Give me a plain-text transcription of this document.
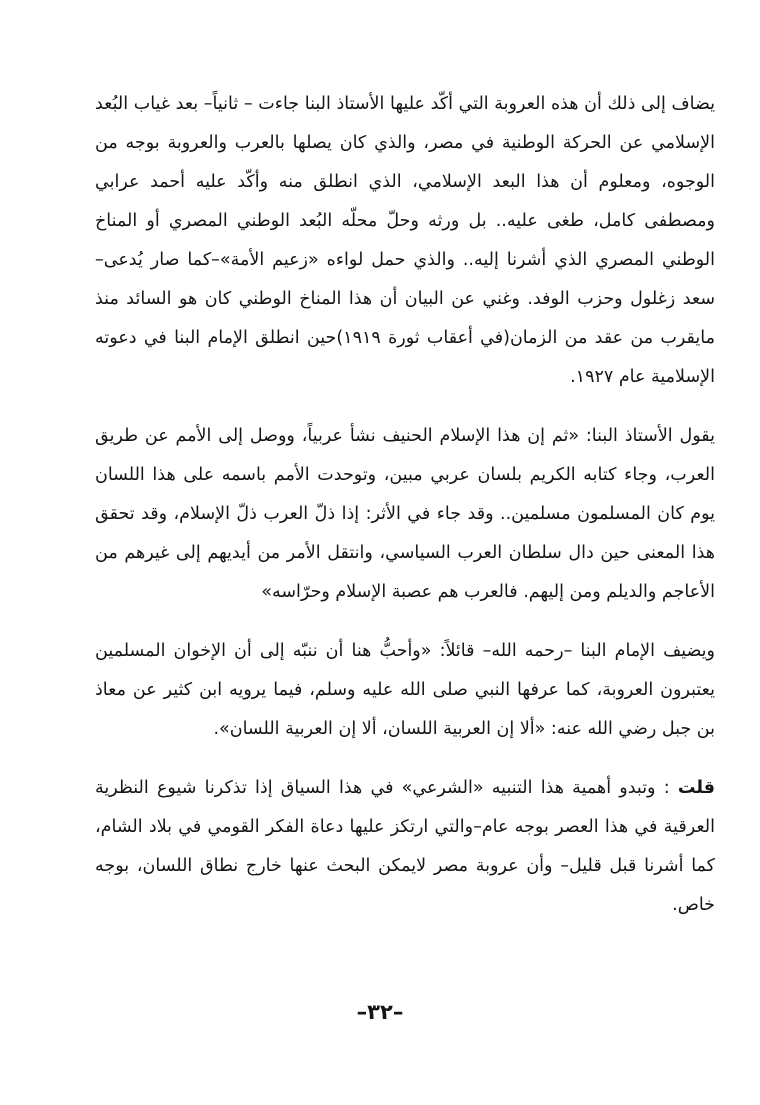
يضاف إلى ذلك أن هذه العروبة التي أكّد عليها الأستاذ البنا جاءت – ثانياً– بعد غياب البُعد الإسلامي عن الحركة الوطنية في مصر، والذي كان يصلها بالعرب والعروبة بوجه من الوجوه، ومعلوم أن هذا البعد الإسلامي، الذي انطلق منه وأكّد عليه أحمد عرابي ومصطفى كامل، طغى عليه.. بل ورثه وحلّ محلّه البُعد الوطني المصري أو المناخ الوطني المصري الذي أشرنا إليه.. والذي حمل لواءه «زعيم الأمة»–كما صار يُدعى– سعد زغلول وحزب الوفد. وغني عن البيان أن هذا المناخ الوطني كان هو السائد منذ مايقرب من عقد من الزمان(في أعقاب ثورة ١٩١٩)حين انطلق الإمام البنا في دعوته الإسلامية عام ١٩٢٧.

يقول الأستاذ البنا: «ثم إن هذا الإسلام الحنيف نشأ عربياً، ووصل إلى الأمم عن طريق العرب، وجاء كتابه الكريم بلسان عربي مبين، وتوحدت الأمم باسمه على هذا اللسان يوم كان المسلمون مسلمين.. وقد جاء في الأثر: إذا ذلّ العرب ذلّ الإسلام، وقد تحقق هذا المعنى حين دال سلطان العرب السياسي، وانتقل الأمر من أيديهم إلى غيرهم من الأعاجم والديلم ومن إليهم. فالعرب هم عصبة الإسلام وحرّاسه»

ويضيف الإمام البنا –رحمه الله– قائلاً: «وأحبُّ هنا أن ننبّه إلى أن الإخوان المسلمين يعتبرون العروبة، كما عرفها النبي صلى الله عليه وسلم، فيما يرويه ابن كثير عن معاذ بن جبل رضي الله عنه: «ألا إن العربية اللسان، ألا إن العربية اللسان».

قلت : وتبدو أهمية هذا التنبيه «الشرعي» في هذا السياق إذا تذكرنا شيوع النظرية العرقية في هذا العصر بوجه عام–والتي ارتكز عليها دعاة الفكر القومي في بلاد الشام، كما أشرنا قبل قليل– وأن عروبة مصر لايمكن البحث عنها خارج نطاق اللسان، بوجه خاص.

–٣٢–
